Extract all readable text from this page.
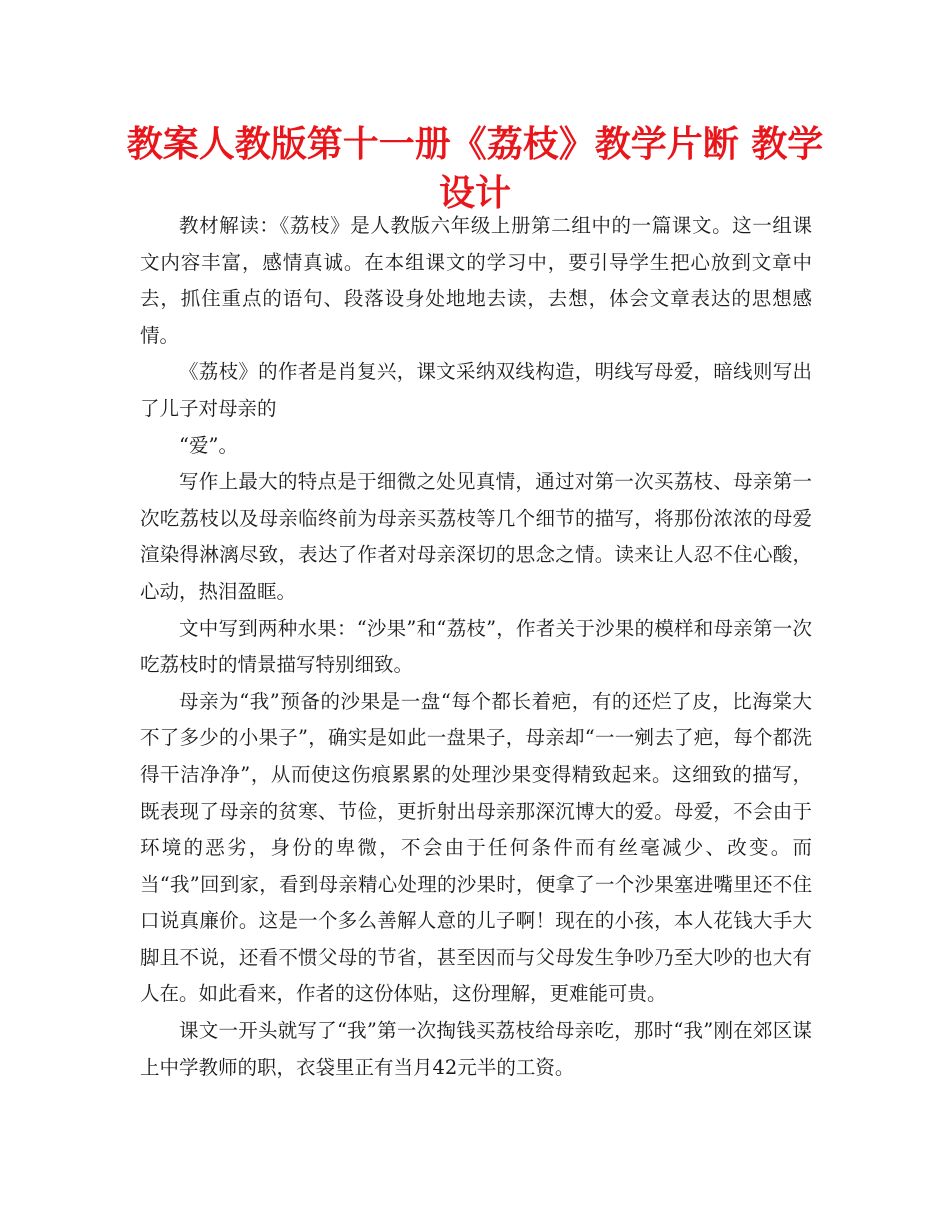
教案人教版第十一册《荔枝》教学片断 教学设计

教材解读：《荔枝》是人教版六年级上册第二组中的一篇课文。这一组课文内容丰富，感情真诚。在本组课文的学习中，要引导学生把心放到文章中去，抓住重点的语句、段落设身处地地去读，去想，体会文章表达的思想感情。

《荔枝》的作者是肖复兴，课文采纳双线构造，明线写母爱，暗线则写出了儿子对母亲的

“爱”。

写作上最大的特点是于细微之处见真情，通过对第一次买荔枝、母亲第一次吃荔枝以及母亲临终前为母亲买荔枝等几个细节的描写，将那份浓浓的母爱渲染得淋漓尽致，表达了作者对母亲深切的思念之情。读来让人忍不住心酸，心动，热泪盈眶。

文中写到两种水果：“沙果”和“荔枝”，作者关于沙果的模样和母亲第一次吃荔枝时的情景描写特别细致。

母亲为“我”预备的沙果是一盘“每个都长着疤，有的还烂了皮，比海棠大不了多少的小果子”，确实是如此一盘果子，母亲却“一一剜去了疤，每个都洗得干洁净净”，从而使这伤痕累累的处理沙果变得精致起来。这细致的描写，既表现了母亲的贫寒、节俭，更折射出母亲那深沉博大的爱。母爱，不会由于环境的恶劣，身份的卑微，不会由于任何条件而有丝毫减少、改变。而当“我”回到家，看到母亲精心处理的沙果时，便拿了一个沙果塞进嘴里还不住口说真廉价。这是一个多么善解人意的儿子啊！现在的小孩，本人花钱大手大脚且不说，还看不惯父母的节省，甚至因而与父母发生争吵乃至大吵的也大有人在。如此看来，作者的这份体贴，这份理解，更难能可贵。

课文一开头就写了“我”第一次掏钱买荔枝给母亲吃，那时“我”刚在郊区谋上中学教师的职，衣袋里正有当月42元半的工资。
